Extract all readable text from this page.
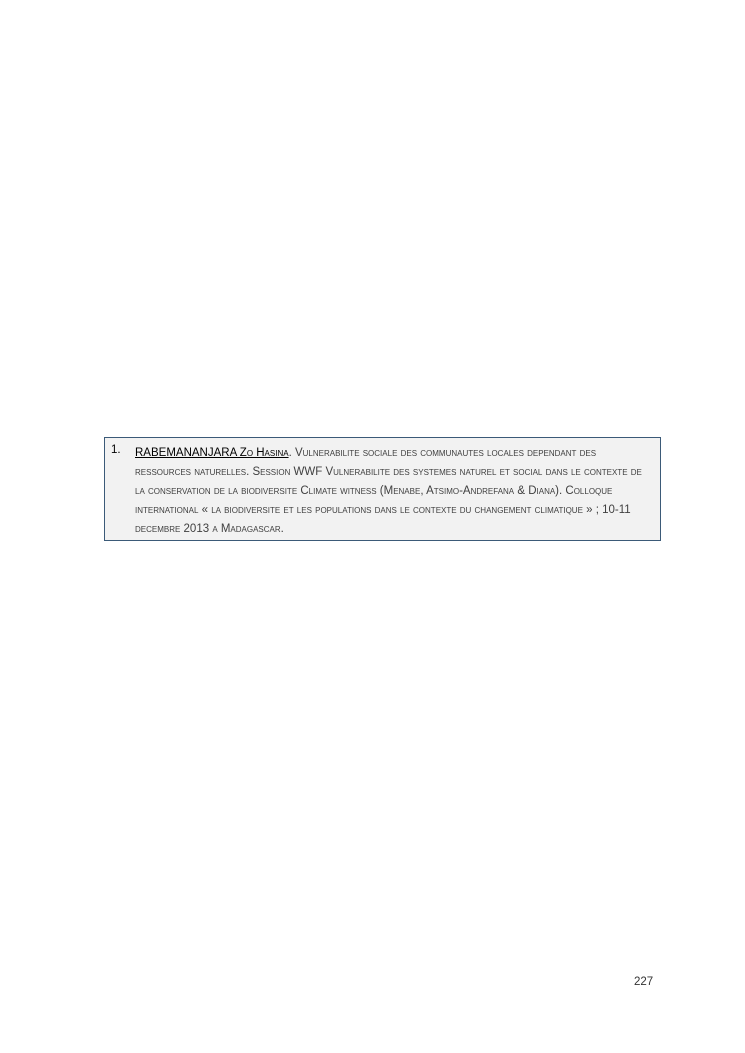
1. RABEMANANJARA Zo Hasina. Vulnerabilite sociale des communautes locales dependant des ressources naturelles. Session WWF Vulnerabilite des systemes naturel et social dans le contexte de la conservation de la biodiversite Climate witness (Menabe, Atsimo-Andrefana & Diana). Colloque international « la biodiversite et les populations dans le contexte du changement climatique » ; 10-11 decembre 2013 a Madagascar.
227
